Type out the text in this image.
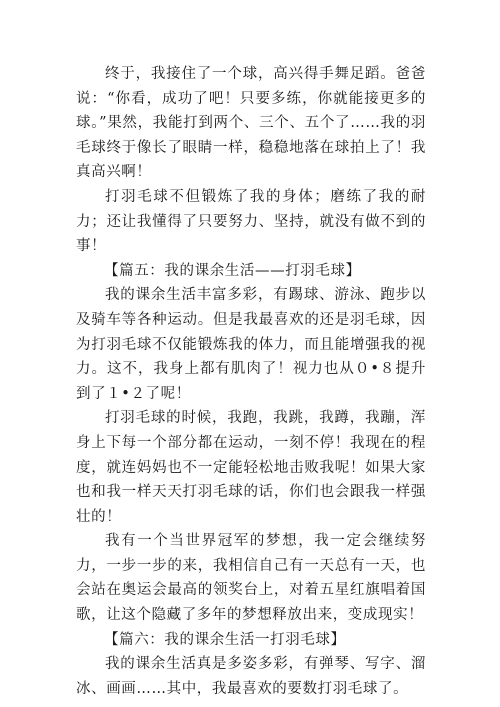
终于，我接住了一个球，高兴得手舞足蹈。爸爸说：“你看，成功了吧！只要多练，你就能接更多的球。”果然，我能打到两个、三个、五个了……我的羽毛球终于像长了眼睛一样，稳稳地落在球拍上了！我真高兴啊！

打羽毛球不但锻炼了我的身体；磨练了我的耐力；还让我懂得了只要努力、坚持，就没有做不到的事！

【篇五：我的课余生活——打羽毛球】

我的课余生活丰富多彩，有踢球、游泳、跑步以及骑车等各种运动。但是我最喜欢的还是羽毛球，因为打羽毛球不仅能锻炼我的体力，而且能增强我的视力。这不，我身上都有肌肉了！视力也从０•８提升到了１•２了呢！

打羽毛球的时候，我跑，我跳，我蹲，我蹦，浑身上下每一个部分都在运动，一刻不停！我现在的程度，就连妈妈也不一定能轻松地击败我呢！如果大家也和我一样天天打羽毛球的话，你们也会跟我一样强壮的！

我有一个当世界冠军的梦想，我一定会继续努力，一步一步的来，我相信自己有一天总有一天，也会站在奥运会最高的领奖台上，对着五星红旗唱着国歌，让这个隐藏了多年的梦想释放出来，变成现实！

【篇六：我的课余生活一打羽毛球】

我的课余生活真是多姿多彩，有弹琴、写字、溜冰、画画……其中，我最喜欢的要数打羽毛球了。
